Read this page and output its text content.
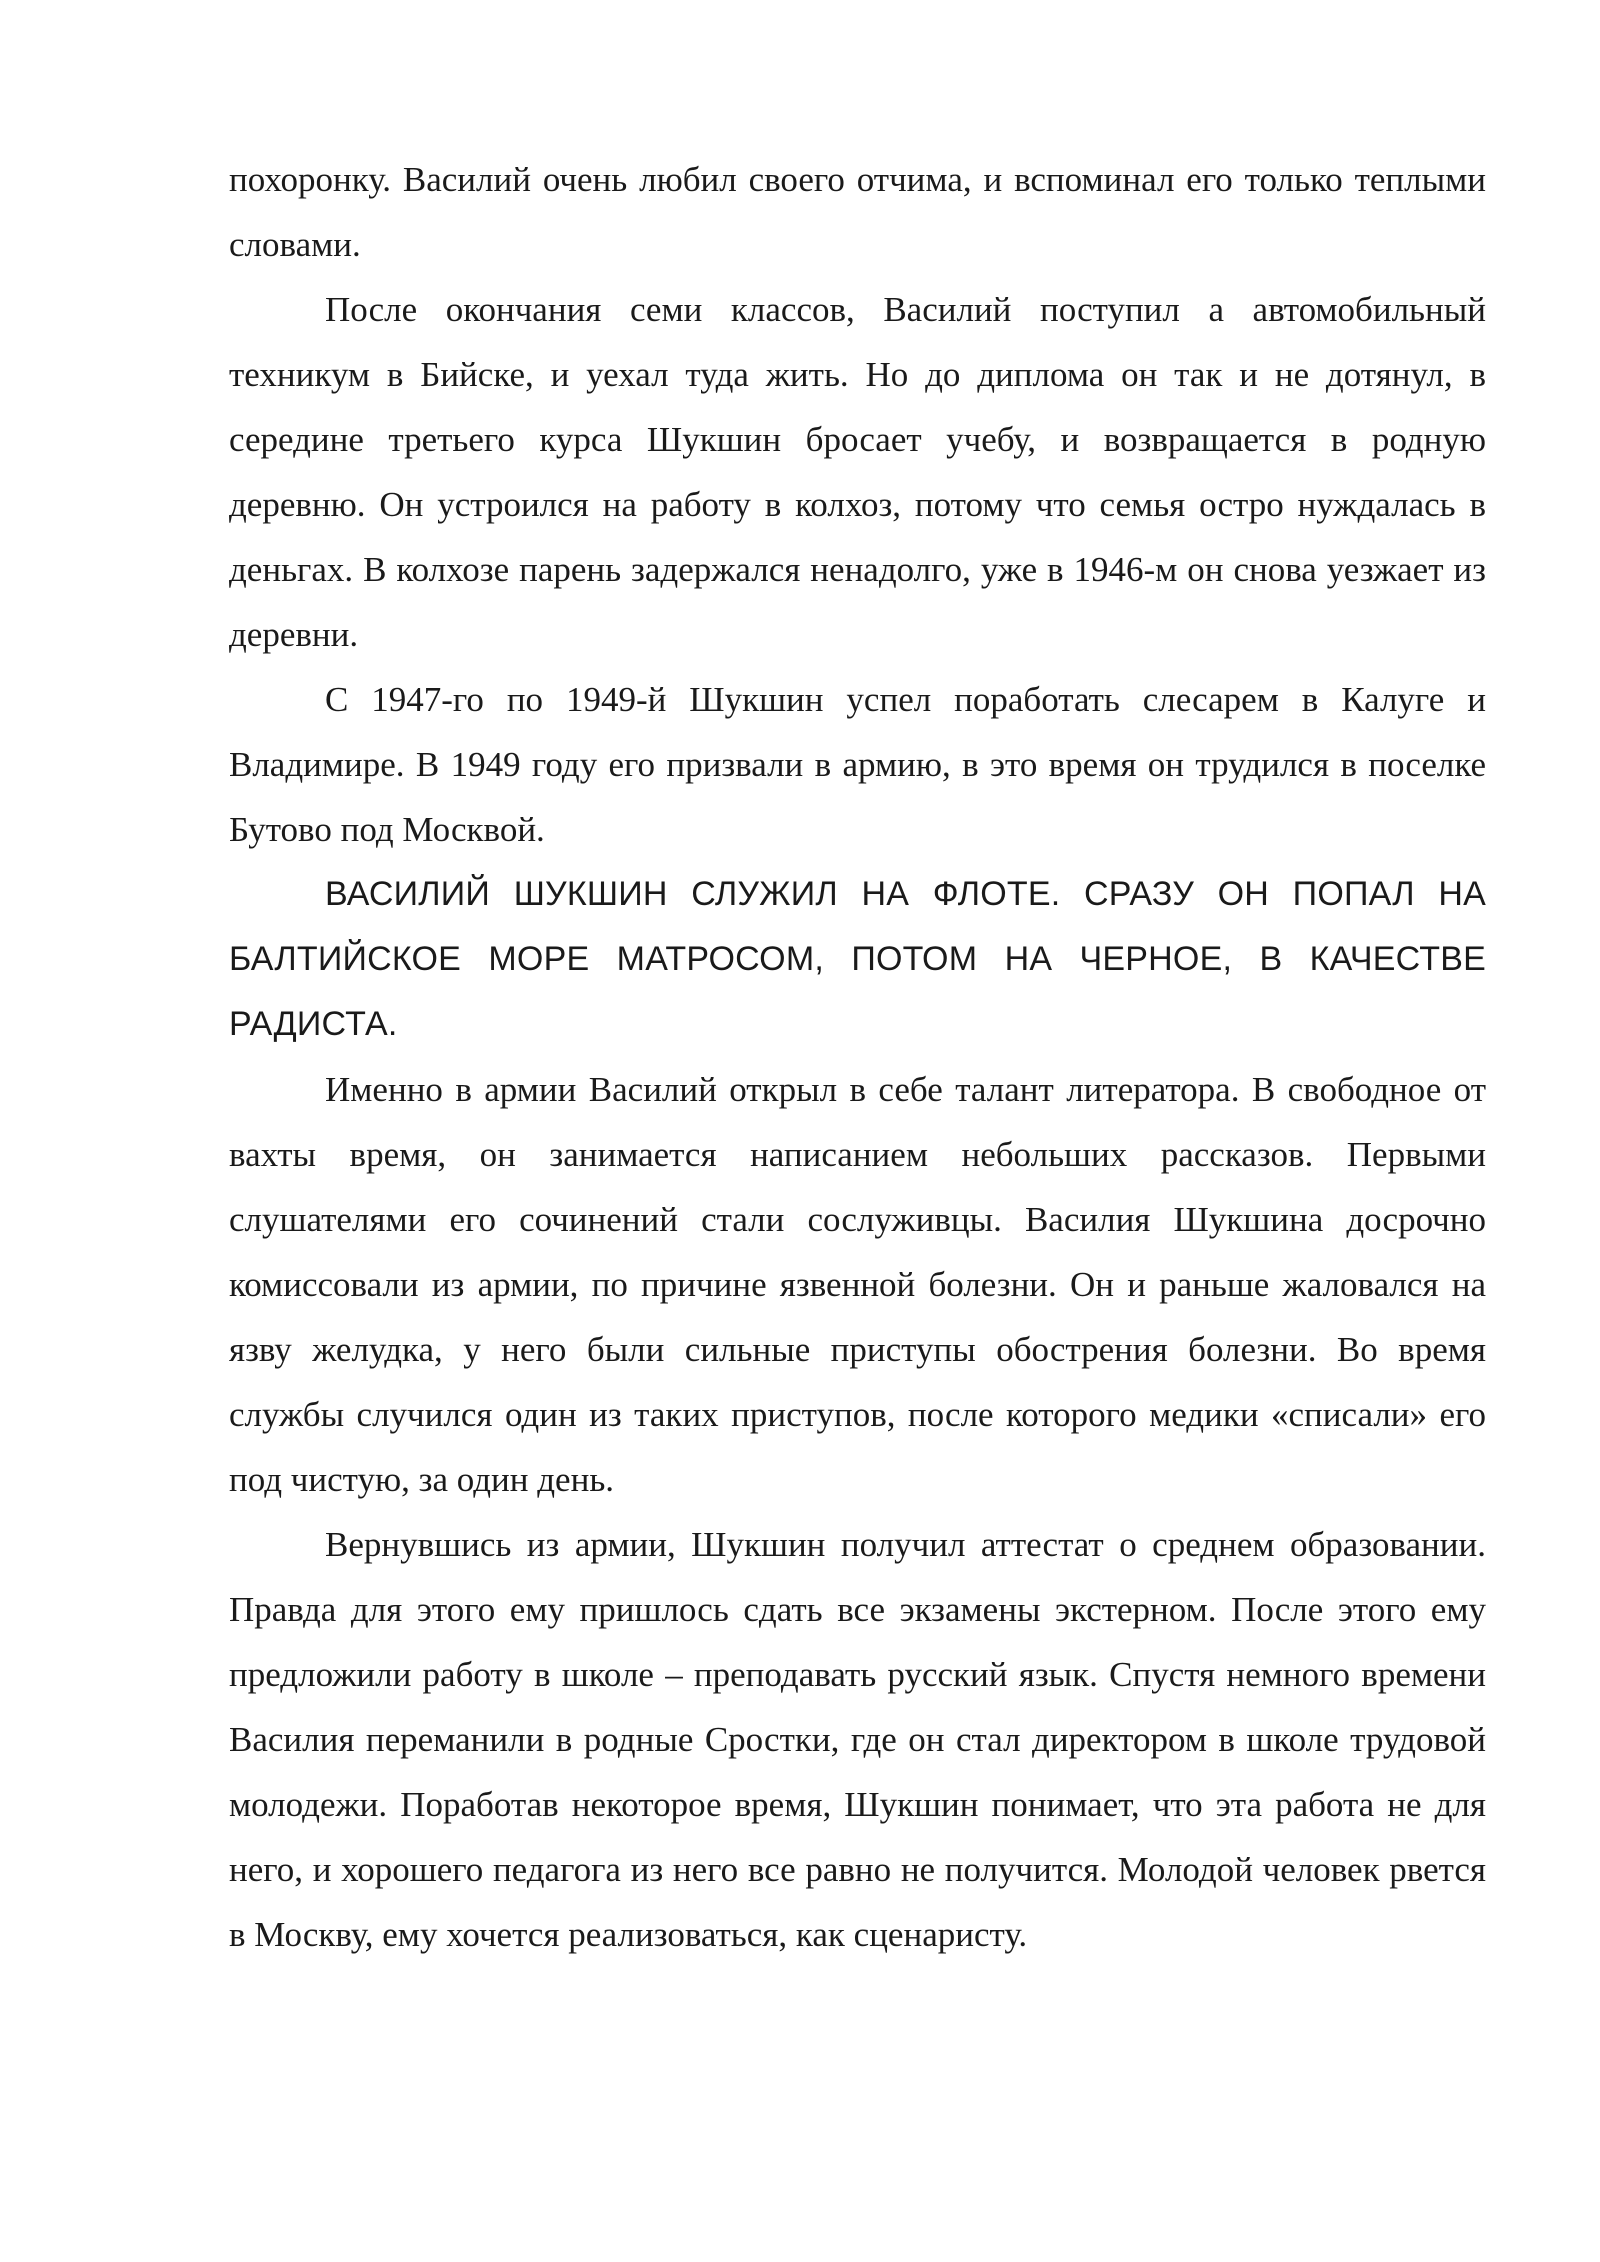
похоронку. Василий очень любил своего отчима, и вспоминал его только теплыми словами.

После окончания семи классов, Василий поступил а автомобильный техникум в Бийске, и уехал туда жить. Но до диплома он так и не дотянул, в середине третьего курса Шукшин бросает учебу, и возвращается в родную деревню. Он устроился на работу в колхоз, потому что семья остро нуждалась в деньгах. В колхозе парень задержался ненадолго, уже в 1946-м он снова уезжает из деревни.

С 1947-го по 1949-й Шукшин успел поработать слесарем в Калуге и Владимире. В 1949 году его призвали в армию, в это время он трудился в поселке Бутово под Москвой.

ВАСИЛИЙ ШУКШИН СЛУЖИЛ НА ФЛОТЕ. СРАЗУ ОН ПОПАЛ НА БАЛТИЙСКОЕ МОРЕ МАТРОСОМ, ПОТОМ НА ЧЕРНОЕ, В КАЧЕСТВЕ РАДИСТА.

Именно в армии Василий открыл в себе талант литератора. В свободное от вахты время, он занимается написанием небольших рассказов. Первыми слушателями его сочинений стали сослуживцы. Василия Шукшина досрочно комиссовали из армии, по причине язвенной болезни. Он и раньше жаловался на язву желудка, у него были сильные приступы обострения болезни. Во время службы случился один из таких приступов, после которого медики «списали» его под чистую, за один день.

Вернувшись из армии, Шукшин получил аттестат о среднем образовании. Правда для этого ему пришлось сдать все экзамены экстерном. После этого ему предложили работу в школе – преподавать русский язык. Спустя немного времени Василия переманили в родные Сростки, где он стал директором в школе трудовой молодежи. Поработав некоторое время, Шукшин понимает, что эта работа не для него, и хорошего педагога из него все равно не получится. Молодой человек рвется в Москву, ему хочется реализоваться, как сценаристу.
